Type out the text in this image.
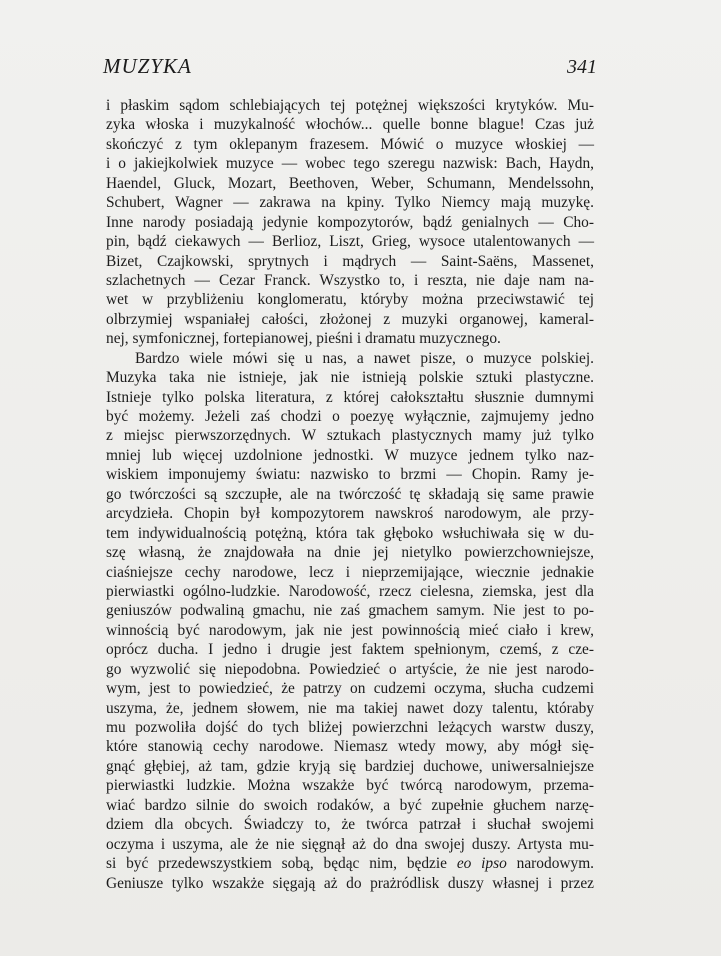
MUZYKA	341
i płaskim sądom schlebiających tej potężnej większości krytyków. Mu-
zyka włoska i muzykalność włochów... quelle bonne blague! Czas już
skończyć z tym oklepanym frazesem. Mówić o muzyce włoskiej —
i o jakiejkolwiek muzyce — wobec tego szeregu nazwisk: Bach, Haydn,
Haendel, Gluck, Mozart, Beethoven, Weber, Schumann, Mendelssohn,
Schubert, Wagner — zakrawa na kpiny. Tylko Niemcy mają muzykę.
Inne narody posiadają jedynie kompozytorów, bądź genialnych — Cho-
pin, bądź ciekawych — Berlioz, Liszt, Grieg, wysoce utalentowanych —
Bizet, Czajkowski, sprytnych i mądrych — Saint-Saëns, Massenet,
szlachetnych — Cezar Franck. Wszystko to, i reszta, nie daje nam na-
wet w przybliżeniu konglomeratu, któryby można przeciwstawić tej
olbrzymiej wspaniałej całości, złożonej z muzyki organowej, kameral-
nej, symfonicznej, fortepianowej, pieśni i dramatu muzycznego.
Bardzo wiele mówi się u nas, a nawet pisze, o muzyce polskiej.
Muzyka taka nie istnieje, jak nie istnieją polskie sztuki plastyczne.
Istnieje tylko polska literatura, z której całokształtu słusznie dumnymi
być możemy. Jeżeli zaś chodzi o poezyę wyłącznie, zajmujemy jedno
z miejsc pierwszorzędnych. W sztukach plastycznych mamy już tylko
mniej lub więcej uzdolnione jednostki. W muzyce jednem tylko naz-
wiskiem imponujemy światu: nazwisko to brzmi — Chopin. Ramy je-
go twórczości są szczupłe, ale na twórczość tę składają się same prawie
arcydzieła. Chopin był kompozytorem nawskroś narodowym, ale przy-
tem indywidualnością potężną, która tak głęboko wsłuchiwała się w du-
szę własną, że znajdowała na dnie jej nietylko powierzchowniejsze,
ciaśniejsze cechy narodowe, lecz i nieprzemijające, wiecznie jednakie
pierwiastki ogólno-ludzkie. Narodowość, rzecz cielesna, ziemska, jest dla
geniuszów podwaliną gmachu, nie zaś gmachem samym. Nie jest to po-
winnością być narodowym, jak nie jest powinnością mieć ciało i krew,
oprócz ducha. I jedno i drugie jest faktem spełnionym, czemś, z cze-
go wyzwolić się niepodobna. Powiedzieć o artyście, że nie jest narodo-
wym, jest to powiedzieć, że patrzy on cudzemi oczyma, słucha cudzemi
uszyma, że, jednem słowem, nie ma takiej nawet dozy talentu, któraby
mu pozwoliła dojść do tych bliżej powierzchni leżących warstw duszy,
które stanowią cechy narodowe. Niemasz wtedy mowy, aby mógł się-
gnąć głębiej, aż tam, gdzie kryją się bardziej duchowe, uniwersalniejsze
pierwiastki ludzkie. Można wszakże być twórcą narodowym, przema-
wiać bardzo silnie do swoich rodaków, a być zupełnie głuchem narzę-
dziem dla obcych. Świadczy to, że twórca patrzał i słuchał swojemi
oczyma i uszyma, ale że nie sięgnął aż do dna swojej duszy. Artysta mu-
si być przedewszystkiem sobą, będąc nim, będzie eo ipso narodowym.
Geniusze tylko wszakże sięgają aż do prażródlisk duszy własnej i przez
